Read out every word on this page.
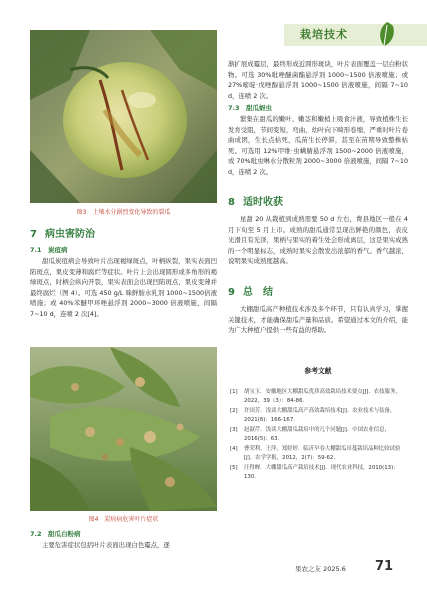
栽培技术
图3　土壤水分剧烈变化导致的裂瓜
7 病虫害防治
7.1　炭疽病
甜瓜炭疽病会导致叶片出现褐绿斑点，叶柄纵裂，果实表面凹陷斑点，果皮变薄和腐烂等症状。叶片上会出现圆形或多角形的褐绿斑点，时柄会纵向开裂，果实表面会出现凹陷斑点，果皮变薄并最终腐烂（图 4）。可选 450 g/L 咪鲜胺水乳剂 1000~1500倍液喷施；或 40%苯醚甲环唑悬浮剂 2000~3000 倍液喷施，间隔 7~10 d，连喷 2 次[4]。
图4　炭疽病危害叶片症状
7.2　甜瓜白粉病
主要危害症状包括叶片表面出现白色霉点，逐
渐扩展成霉层，最终形成近圆形斑块，叶片表面覆盖一层白粉状物。可选 30%吡唑醚菌酯悬浮剂 1000~1500 倍液喷施；或 27%嘧啶·戊唑醇悬浮剂 1000~1500 倍液喷施，间隔 7~10 d，连喷 2 次。
7.3　甜瓜蚜虫
繁集在甜瓜的嫩叶、嫩茎和嫩梢上吸食汁液，导致植株生长发育受阻，节间变短，弯曲，幼叶向下畸形卷缩，严重时叶片卷曲成团，生长点枯死，瓜苗生长停滞，甚至在苗期导致整株枯死。可选用 12%甲维·虫螨腈悬浮剂 1500~2000 倍液喷施，或 70%吡虫啉水分散粒剂 2000~3000 倍液喷施，间隔 7~10 d，连喷 2 次。
8 适时收获
星甜 20 从栽植到成熟需要 50 d 左右，费县地区一般在 4 月下旬至 5 月上市。成熟的甜瓜通常呈现出鲜艳的颜色，表皮光滑且有光泽，果柄与果实的着生处会形成离层，这是果实成熟的一个明显标志，成熟时果实会散发出浓郁的香气。香气越浓，说明果实成熟度越高。
9 总　结
大棚甜瓜高产种植技术涉及多个环节，只有认真学习，掌握关键技术，才能确保甜瓜产量和品质。希望通过本文的介绍，能为广大种植户提供一些有益的帮助。
参考文献
[1] 胡宝玉．安徽地区大棚甜瓜优质高效栽培技术要点[J]．农技服务，2022，39（3）：84-86.
[2] 许国芳．浅谈大棚甜瓜高产高效栽培技术[J]．农业技术与装备，2021(6)：166-167.
[3] 赵淑芹．浅谈大棚甜瓜栽培中的几个问题[J]．中国农业信息，2016(5)：63.
[4] 曹荣利，王萍，郑婷婷．临沂早春大棚甜瓜吊蔓栽培品种比较试验[J]．农学学报，2012，2(7)：59-62.
[5] 汪得蝉．大棚甜瓜高产栽培技术[J]．现代农业科技，2010(13)：130.
果农之友 2025.6	71
